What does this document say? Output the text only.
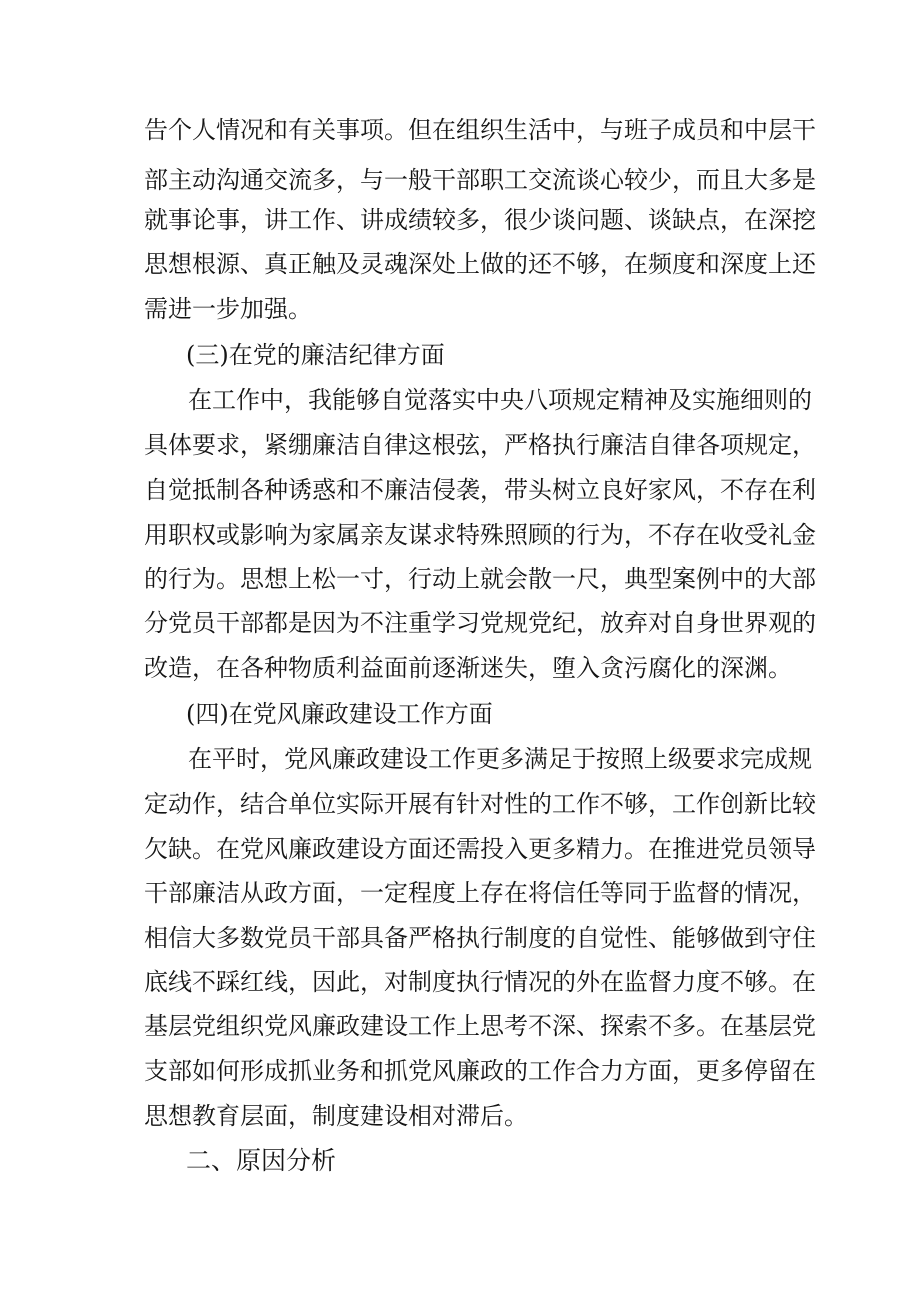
告个人情况和有关事项。但在组织生活中，与班子成员和中层干
部主动沟通交流多，与一般干部职工交流谈心较少，而且大多是
就事论事，讲工作、讲成绩较多，很少谈问题、谈缺点，在深挖
思想根源、真正触及灵魂深处上做的还不够，在频度和深度上还
需进一步加强。
(三)在党的廉洁纪律方面
在工作中，我能够自觉落实中央八项规定精神及实施细则的
具体要求，紧绷廉洁自律这根弦，严格执行廉洁自律各项规定，
自觉抵制各种诱惑和不廉洁侵袭，带头树立良好家风，不存在利
用职权或影响为家属亲友谋求特殊照顾的行为，不存在收受礼金
的行为。思想上松一寸，行动上就会散一尺，典型案例中的大部
分党员干部都是因为不注重学习党规党纪，放弃对自身世界观的
改造，在各种物质利益面前逐渐迷失，堕入贪污腐化的深渊。
(四)在党风廉政建设工作方面
在平时，党风廉政建设工作更多满足于按照上级要求完成规
定动作，结合单位实际开展有针对性的工作不够，工作创新比较
欠缺。在党风廉政建设方面还需投入更多精力。在推进党员领导
干部廉洁从政方面，一定程度上存在将信任等同于监督的情况，
相信大多数党员干部具备严格执行制度的自觉性、能够做到守住
底线不踩红线，因此，对制度执行情况的外在监督力度不够。在
基层党组织党风廉政建设工作上思考不深、探索不多。在基层党
支部如何形成抓业务和抓党风廉政的工作合力方面，更多停留在
思想教育层面，制度建设相对滞后。
二、原因分析
